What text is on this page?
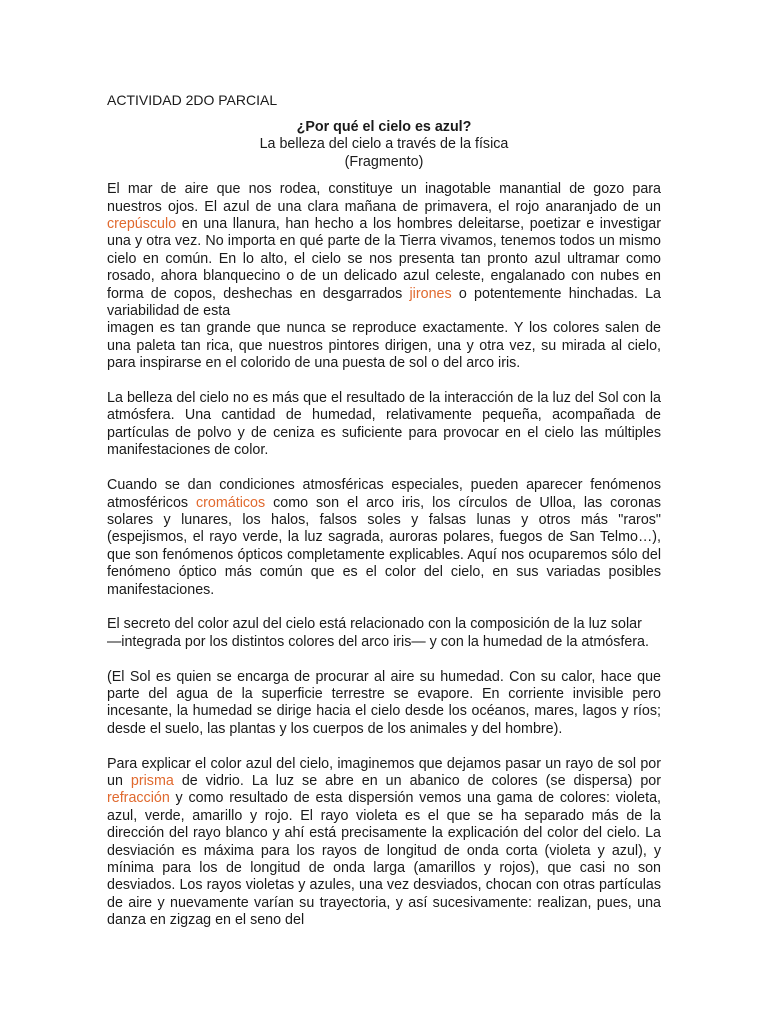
ACTIVIDAD 2DO PARCIAL
¿Por qué el cielo es azul?
La belleza del cielo a través de la física
(Fragmento)

El mar de aire que nos rodea, constituye un inagotable manantial de gozo para nuestros ojos. El azul de una clara mañana de primavera, el rojo anaranjado de un crepúsculo en una llanura, han hecho a los hombres deleitarse, poetizar e investigar una y otra vez. No importa en qué parte de la Tierra vivamos, tenemos todos un mismo cielo en común. En lo alto, el cielo se nos presenta tan pronto azul ultramar como rosado, ahora blanquecino o de un delicado azul celeste, engalanado con nubes en forma de copos, deshechas en desgarrados jirones o potentemente hinchadas. La variabilidad de esta
imagen es tan grande que nunca se reproduce exactamente. Y los colores salen de una paleta tan rica, que nuestros pintores dirigen, una y otra vez, su mirada al cielo, para inspirarse en el colorido de una puesta de sol o del arco iris.

La belleza del cielo no es más que el resultado de la interacción de la luz del Sol con la atmósfera. Una cantidad de humedad, relativamente pequeña, acompañada de partículas de polvo y de ceniza es suficiente para provocar en el cielo las múltiples manifestaciones de color.

Cuando se dan condiciones atmosféricas especiales, pueden aparecer fenómenos atmosféricos cromáticos como son el arco iris, los círculos de Ulloa, las coronas solares y lunares, los halos, falsos soles y falsas lunas y otros más "raros" (espejismos, el rayo verde, la luz sagrada, auroras polares, fuegos de San Telmo…), que son fenómenos ópticos completamente explicables. Aquí nos ocuparemos sólo del fenómeno óptico más común que es el color del cielo, en sus variadas posibles manifestaciones.

El secreto del color azul del cielo está relacionado con la composición de la luz solar
—integrada por los distintos colores del arco iris— y con la humedad de la atmósfera.

(El Sol es quien se encarga de procurar al aire su humedad. Con su calor, hace que parte del agua de la superficie terrestre se evapore. En corriente invisible pero incesante, la humedad se dirige hacia el cielo desde los océanos, mares, lagos y ríos; desde el suelo, las plantas y los cuerpos de los animales y del hombre).

Para explicar el color azul del cielo, imaginemos que dejamos pasar un rayo de sol por un prisma de vidrio. La luz se abre en un abanico de colores (se dispersa) por refracción y como resultado de esta dispersión vemos una gama de colores: violeta, azul, verde, amarillo y rojo. El rayo violeta es el que se ha separado más de la dirección del rayo blanco y ahí está precisamente la explicación del color del cielo. La desviación es máxima para los rayos de longitud de onda corta (violeta y azul), y mínima para los de longitud de onda larga (amarillos y rojos), que casi no son desviados. Los rayos violetas y azules, una vez desviados, chocan con otras partículas de aire y nuevamente varían su trayectoria, y así sucesivamente: realizan, pues, una danza en zigzag en el seno del
